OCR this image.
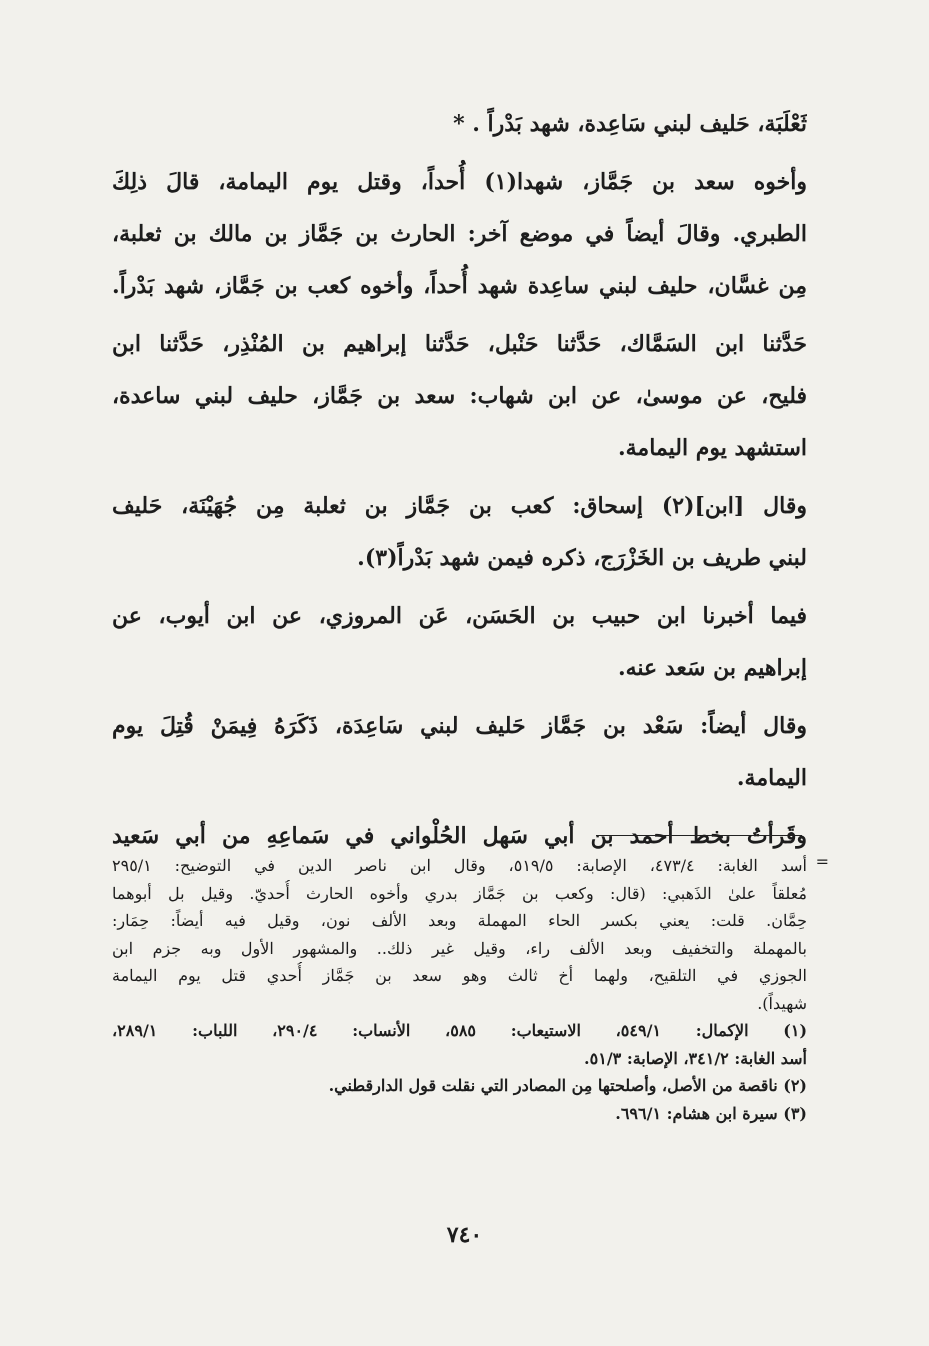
ثَعْلَبَة، حَليف لبني سَاعِدة، شهد بَدْراً . *
وأخوه سعد بن جَمَّاز، شهدا(١) أُحداً، وقتل يوم اليمامة، قالَ ذلِكَ
الطبري. وقالَ أيضاً في موضع آخر: الحارث بن جَمَّاز بن مالك بن ثعلبة،
مِن غسَّان، حليف لبني ساعِدة شهد أُحداً، وأخوه كعب بن جَمَّاز، شهد بَدْراً.
حَدَّثنا ابن السَمَّاك، حَدَّثنا حَنْبل، حَدَّثنا إبراهيم بن المُنْذِر، حَدَّثنا ابن
فليح، عن موسىٰ، عن ابن شهاب: سعد بن جَمَّاز، حليف لبني ساعدة،
استشهد يوم اليمامة.
وقال [ابن](٢) إسحاق: كعب بن جَمَّاز بن ثعلبة مِن جُهَيْنَة، حَليف
لبني طريف بن الخَزْرَج، ذكره فيمن شهد بَدْراً(٣).
فيما أخبرنا ابن حبيب بن الحَسَن، عَن المروزي، عن ابن أيوب، عن
إبراهيم بن سَعد عنه.
وقال أيضاً: سَعْد بن جَمَّاز حَليف لبني سَاعِدَة، ذَكَرَهُ فِيمَنْ قُتِلَ يوم
اليمامة.
وقَرأتُ بخط أحمد بن أبي سَهل الحُلْواني في سَماعِهِ من أبي سَعيد
=
أسد الغابة: ٤٧٣/٤، الإصابة: ٥١٩/٥، وقال ابن ناصر الدين في التوضيح: ٢٩٥/١
مُعلقاً علىٰ الذَهبي: (قال: وكعب بن جَمَّاز بدري وأخوه الحارث أُحديّ. وقيل بل أبوهما
حِمَّان. قلت: يعني بكسر الحاء المهملة وبعد الألف نون، وقيل فيه أيضاً: حِمَار:
بالمهملة والتخفيف وبعد الألف راء، وقيل غير ذلك.. والمشهور الأول وبه جزم ابن
الجوزي في التلقيح، ولهما أخ ثالث وهو سعد بن جَمَّاز أُحدي قتل يوم اليمامة
شهيداً).
(١) الإكمال: ٥٤٩/١، الاستيعاب: ٥٨٥، الأنساب: ٢٩٠/٤، اللباب: ٢٨٩/١،
أسد الغابة: ٣٤١/٢، الإصابة: ٥١/٣.
(٢) ناقصة من الأصل، وأصلحتها مِن المصادر التي نقلت قول الدارقطني.
(٣) سيرة ابن هشام: ٦٩٦/١.
٧٤٠
